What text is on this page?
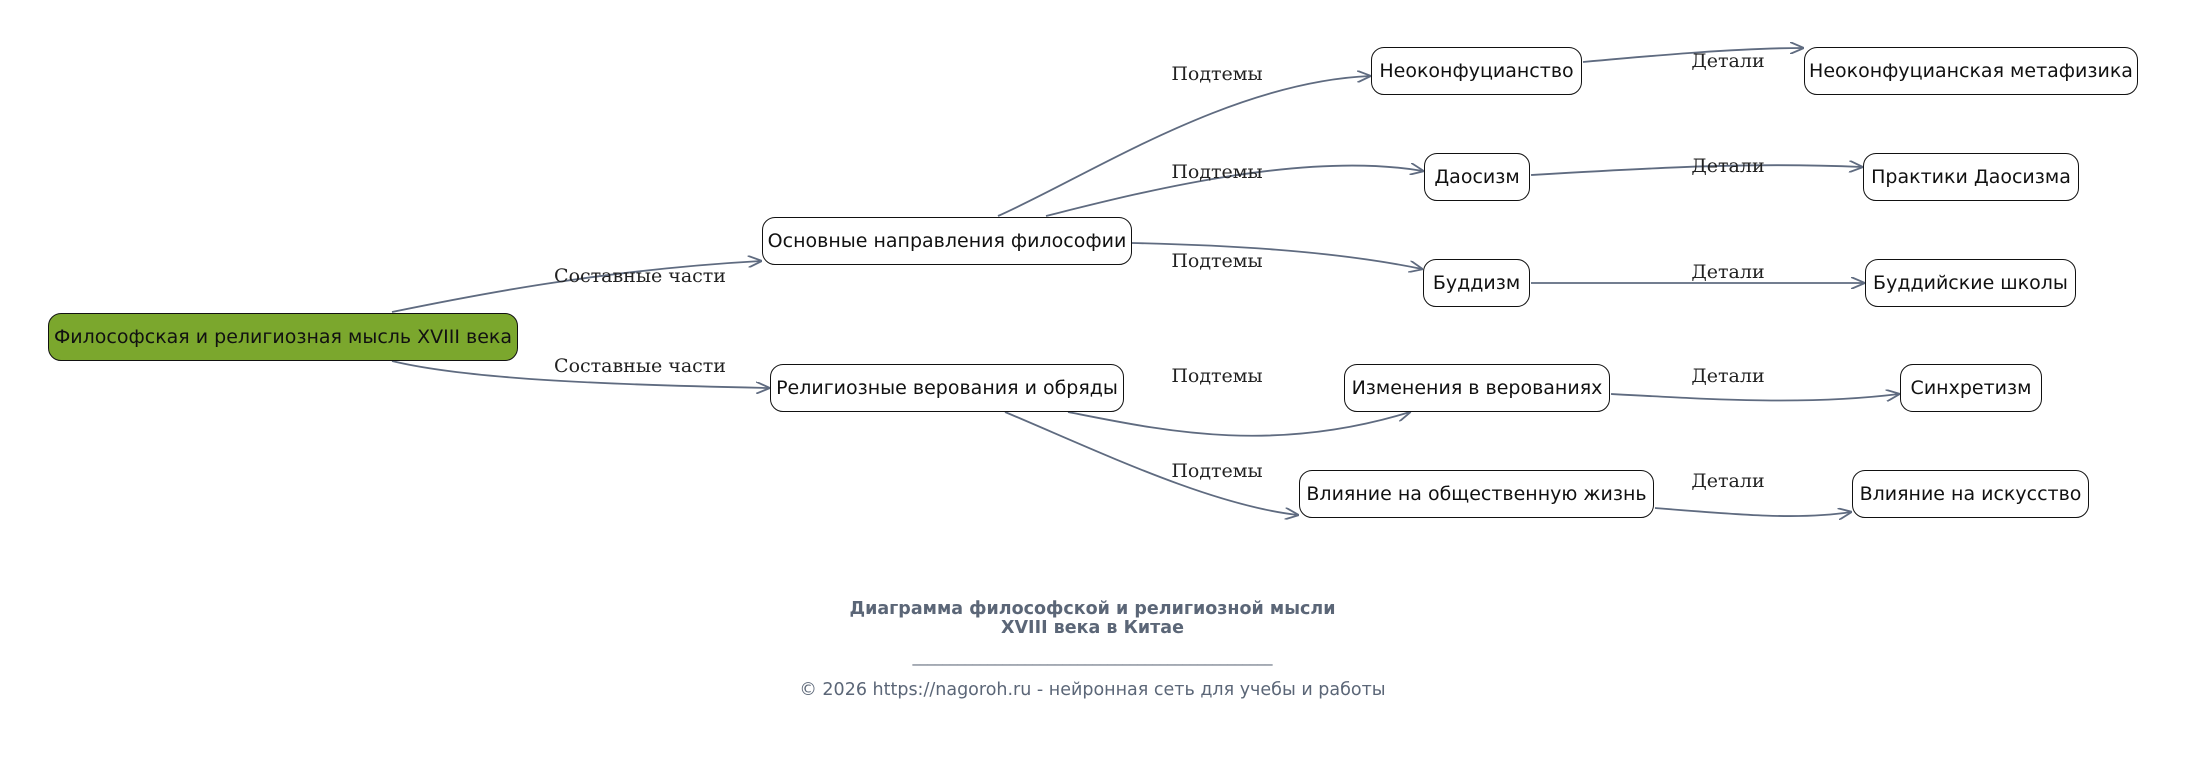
Составные части
Составные части
Подтемы
Подтемы
Подтемы
Подтемы
Подтемы
Детали
Детали
Детали
Детали
Детали
Философская и религиозная мысль XVIII века
Основные направления философии
Религиозные верования и обряды
Неоконфуцианство
Даосизм
Буддизм
Изменения в верованиях
Влияние на общественную жизнь
Неоконфуцианская метафизика
Практики Даосизма
Буддийские школы
Синхретизм
Влияние на искусство
Диаграмма философской и религиозной мысли
XVIII века в Китае
________________________________________________
© 2026 https://nagoroh.ru - нейронная сеть для учебы и работы
